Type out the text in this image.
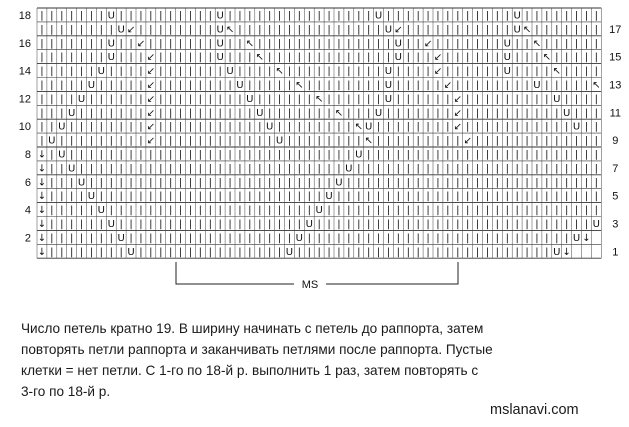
| | | | | | | U | | | | | | | | | | U | | | | | | | | | | | | | | | U | | | | | | | | | | | | | U | | | | | | | |
| | | | | | | | U ↙ | | | | | | | | U ↖ | | | | | | | | | | | | | | | U ↙ | | | | | | | | | | | U ↖ | | | | | | |
| | | | | | | U | | ↙ | | | | | | | U | | ↖ | | | | | | | | | | | | | | U | | ↙ | | | | | | | U | | ↖ | | | | | |
| | | | | | | U | | | ↙ | | | | | | U | | | ↖ | | | | | | | | | | | | | U | | | ↙ | | | | | | U | | | ↖ | | | | |
| | | | | | U | | | | ↙ | | | | | | | U | | | | ↖ | | | | | | | | | | U | | | | ↙ | | | | | | U | | | | ↖ | | | |
| | | | | U | | | | | ↙ | | | | | | | | U | | | | | ↖ | | | | | | | | U | | | | | ↙ | | | | | | | | U | | | | | ↖
| | | | U | | | | | | ↙ | | | | | | | | | U | | | | | | ↖ | | | | | | U | | | | | | ↙ | | | | | | | | | U | | | |
| | | U | | | | | | | ↙ | | | | | | | | | | U | | | | | | | ↖ | | | U | | | | | | | ↙ | | | | | | | | | | U | | |
| | U | | | | | | | | ↙ | | | | | | | | | | | U | | | | | | | | ↖ U | | | | | | | | ↙ | | | | | | | | | | | U | |
| U | | | | | | | | | ↙ | | | | | | | | | | | | U | | | | | | | | ↖ | | | | | | | | | ↙ | | | | | | | | | | | | |
↓ | U | | | | | | | | | | | | | | | | | | | | | | | | | | | | | U | | | | | | | | | | | | | | | | | | | | | | | |
↓ | | U | | | | | | | | | | | | | | | | | | | | | | | | | | | U | | | | | | | | | | | | | | | | | | | | | | | | |
↓ | | | U | | | | | | | | | | | | | | | | | | | | | | | | | U | | | | | | | | | | | | | | | | | | | | | | | | | |
↓ | | | | U | | | | | | | | | | | | | | | | | | | | | | | U | | | | | | | | | | | | | | | | | | | | | | | | | | |
↓ | | | | | U | | | | | | | | | | | | | | | | | | | | | U | | | | | | | | | | | | | | | | | | | | | | | | | | | |
↓ | | | | | | U | | | | | | | | | | | | | | | | | | | U | | | | | | | | | | | | | | | | | | | | | | | | | | | | U
↓ | | | | | | | U | | | | | | | | | | | | | | | | | U | | | | | | | | | | | | | | | | | | | | | | | | | | | U ↓
↓ | | | | | | | | U | | | | | | | | | | | | | | | U | | | | | | | | | | | | | | | | | | | | | | | | | | U ↓
18
16
14
12
10
8
6
4
2
17
15
13
11
9
7
5
3
1
MS

Число петель кратно 19. В ширину начинать с петель до раппорта, затем

повторять петли раппорта и заканчивать петлями после раппорта. Пустые

клетки = нет петли. С 1-го по 18-й р. выполнить 1 раз, затем повторять с

3-го по 18-й р.

mslanavi.com
